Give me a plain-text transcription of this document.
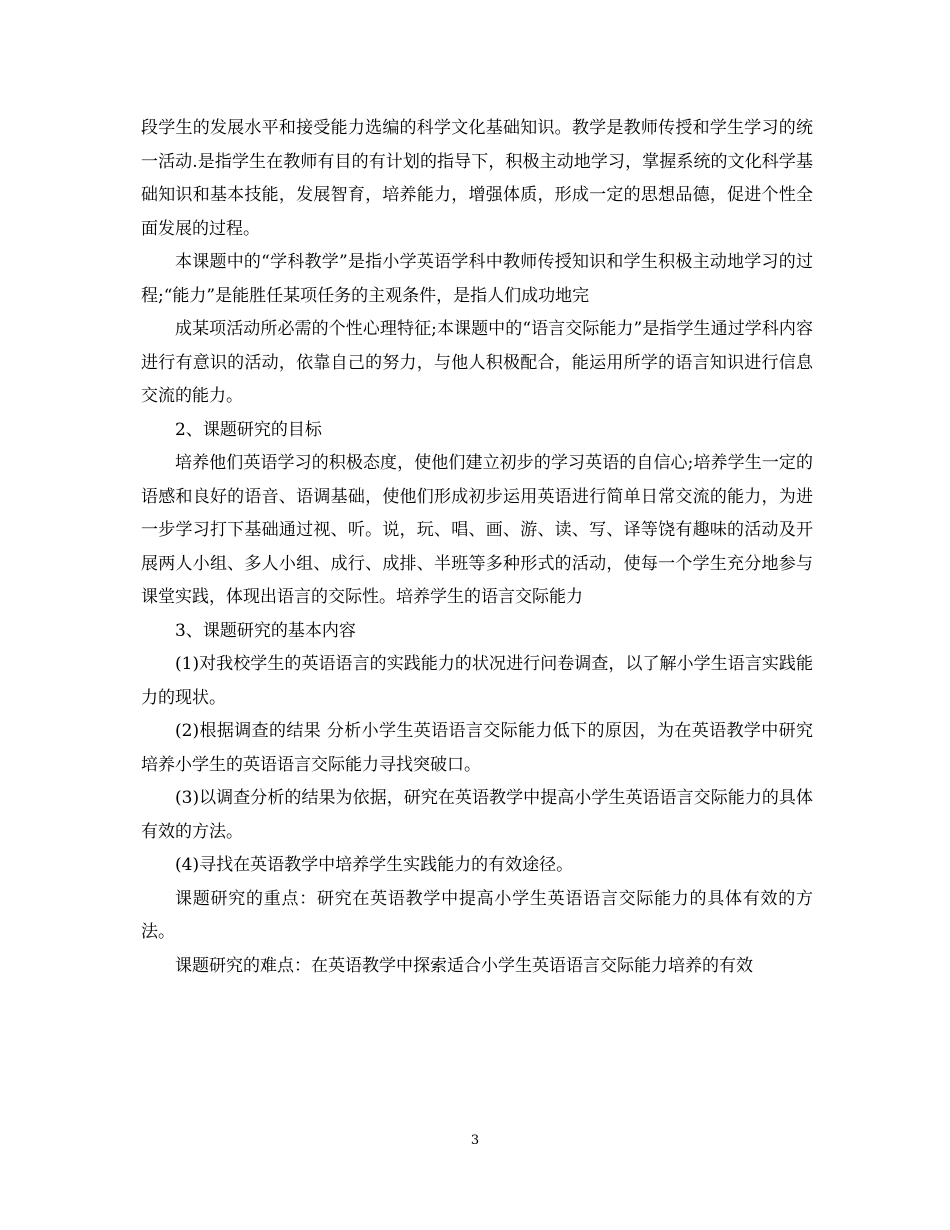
段学生的发展水平和接受能力选编的科学文化基础知识。教学是教师传授和学生学习的统一活动.是指学生在教师有目的有计划的指导下，积极主动地学习，掌握系统的文化科学基础知识和基本技能，发展智育，培养能力，增强体质，形成一定的思想品德，促进个性全面发展的过程。

本课题中的“学科教学”是指小学英语学科中教师传授知识和学生积极主动地学习的过程;“能力”是能胜任某项任务的主观条件，是指人们成功地完

成某项活动所必需的个性心理特征;本课题中的“语言交际能力”是指学生通过学科内容进行有意识的活动，依靠自己的努力，与他人积极配合，能运用所学的语言知识进行信息交流的能力。

2、课题研究的目标

培养他们英语学习的积极态度，使他们建立初步的学习英语的自信心;培养学生一定的语感和良好的语音、语调基础，使他们形成初步运用英语进行简单日常交流的能力，为进一步学习打下基础通过视、听。说，玩、唱、画、游、读、写、译等饶有趣味的活动及开展两人小组、多人小组、成行、成排、半班等多种形式的活动，使每一个学生充分地参与课堂实践，体现出语言的交际性。培养学生的语言交际能力

3、课题研究的基本内容

(1)对我校学生的英语语言的实践能力的状况进行问卷调查，以了解小学生语言实践能力的现状。

(2)根据调查的结果 分析小学生英语语言交际能力低下的原因，为在英语教学中研究培养小学生的英语语言交际能力寻找突破口。

(3)以调查分析的结果为依据，研究在英语教学中提高小学生英语语言交际能力的具体有效的方法。

(4)寻找在英语教学中培养学生实践能力的有效途径。

课题研究的重点：研究在英语教学中提高小学生英语语言交际能力的具体有效的方法。

课题研究的难点：在英语教学中探索适合小学生英语语言交际能力培养的有效

3
